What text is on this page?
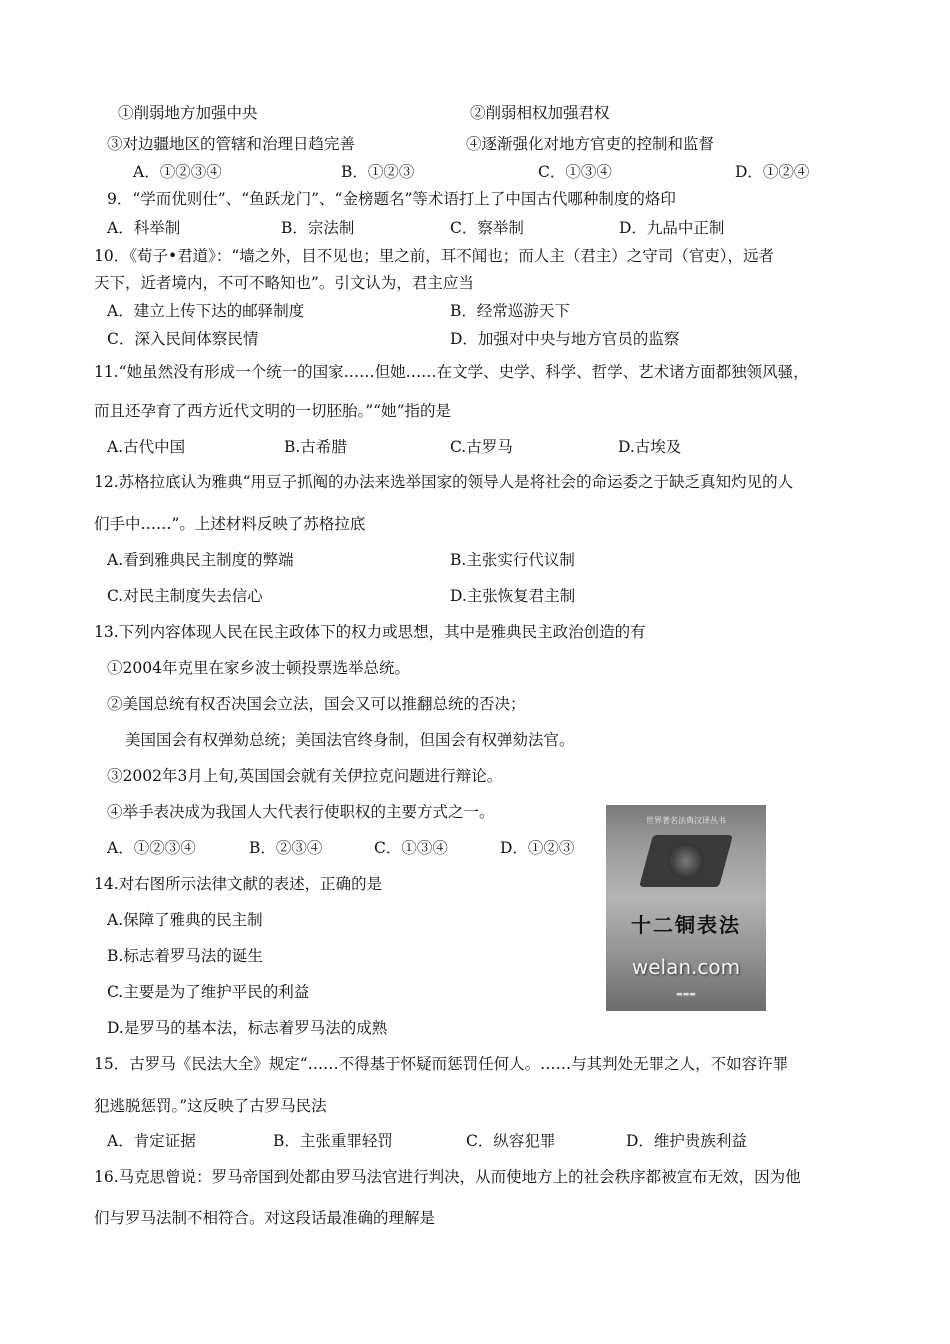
①削弱地方加强中央	②削弱相权加强君权
③对边疆地区的管辖和治理日趋完善	④逐渐强化对地方官吏的控制和监督
A．①②③④	B．①②③	C．①③④	D．①②④
9．“学而优则仕”、“鱼跃龙门”、“金榜题名”等术语打上了中国古代哪种制度的烙印
A．科举制	B．宗法制	C．察举制	D．九品中正制
10．《荀子•君道》：“墙之外，目不见也；里之前，耳不闻也；而人主（君主）之守司（官吏），远者
天下，近者境内，不可不略知也”。引文认为，君主应当
A．建立上传下达的邮驿制度	B．经常巡游天下
C．深入民间体察民情	D．加强对中央与地方官员的监察
11.“她虽然没有形成一个统一的国家……但她……在文学、史学、科学、哲学、艺术诸方面都独领风骚，
而且还孕育了西方近代文明的一切胚胎。”“她”指的是
A.古代中国	B.古希腊	C.古罗马	D.古埃及
12.苏格拉底认为雅典“用豆子抓阄的办法来选举国家的领导人是将社会的命运委之于缺乏真知灼见的人
们手中……”。上述材料反映了苏格拉底
A.看到雅典民主制度的弊端	B.主张实行代议制
C.对民主制度失去信心	D.主张恢复君主制
13.下列内容体现人民在民主政体下的权力或思想，其中是雅典民主政治创造的有
①2004年克里在家乡波士顿投票选举总统。
②美国总统有权否决国会立法，国会又可以推翻总统的否决；
美国国会有权弹劾总统；美国法官终身制，但国会有权弹劾法官。
③2002年3月上旬,英国国会就有关伊拉克问题进行辩论。
④举手表决成为我国人大代表行使职权的主要方式之一。
A．①②③④	B．②③④	C．①③④	D．①②③
14.对右图所示法律文献的表述，正确的是
A.保障了雅典的民主制
B.标志着罗马法的诞生
C.主要是为了维护平民的利益
D.是罗马的基本法，标志着罗马法的成熟
世界著名法典汉译丛书
十二铜表法
welan.com
▬▬▬
15．古罗马《民法大全》规定“……不得基于怀疑而惩罚任何人。……与其判处无罪之人，不如容许罪
犯逃脱惩罚。”这反映了古罗马民法
A．肯定证据	B．主张重罪轻罚	C．纵容犯罪	D．维护贵族利益
16.马克思曾说：罗马帝国到处都由罗马法官进行判决，从而使地方上的社会秩序都被宣布无效，因为他
们与罗马法制不相符合。对这段话最准确的理解是
